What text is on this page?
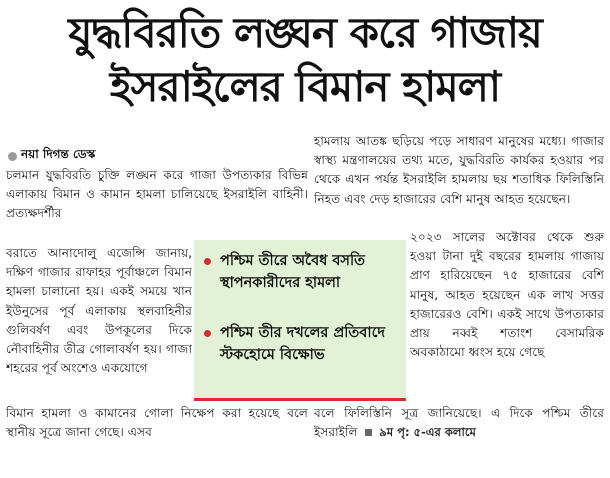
যুদ্ধবিরতি লঙ্ঘন করে গাজায়
ইসরাইলের বিমান হামলা
নয়া দিগন্ত ডেস্ক

চলমান যুদ্ধবিরতি চুক্তি লঙ্ঘন করে গাজা উপত্যকার বিভিন্ন এলাকায় বিমান ও কামান হামলা চালিয়েছে ইসরাইলি বাহিনী। প্রত্যক্ষদর্শীর

বরাতে আনাদোলু এজেন্সি জানায়, দক্ষিণ গাজার রাফাহর পূর্বাঞ্চলে বিমান হামলা চালানো হয়। একই সময়ে খান ইউনুসের পূর্ব এলাকায় স্থলবাহিনীর গুলিবর্ষণ এবং উপকূলের দিকে নৌবাহিনীর তীব্র গোলাবর্ষণ হয়। গাজা শহরের পূর্ব অংশেও একযোগে

বিমান হামলা ও কামানের গোলা নিক্ষেপ করা হয়েছে বলে স্থানীয় সূত্রে জানা গেছে। এসব

পশ্চিম তীরে অবৈধ বসতি স্থাপনকারীদের হামলা
পশ্চিম তীর দখলের প্রতিবাদে স্টকহোমে বিক্ষোভ

হামলায় আতঙ্ক ছড়িয়ে পড়ে সাধারণ মানুষের মধ্যে। গাজার স্বাস্থ্য মন্ত্রণালয়ের তথ্য মতে, যুদ্ধবিরতি কার্যকর হওয়ার পর থেকে এখন পর্যন্ত ইসরাইলি হামলায় ছয় শতাধিক ফিলিস্তিনি নিহত এবং দেড় হাজারের বেশি মানুষ আহত হয়েছেন।

২০২৩ সালের অক্টোবর থেকে শুরু হওয়া টানা দুই বছরের হামলায় গাজায় প্রাণ হারিয়েছেন ৭৫ হাজারের বেশি মানুষ, আহত হয়েছেন এক লাখ সত্তর হাজারেরও বেশি। একই সাথে উপত্যকার প্রায় নব্বই শতাংশ বেসামরিক অবকাঠামো ধ্বংস হয়ে গেছে

বলে ফিলিস্তিনি সূত্র জানিয়েছে। এ দিকে পশ্চিম তীরে ইসরাইলি ৯ম পৃ: ৫-এর কলামে
